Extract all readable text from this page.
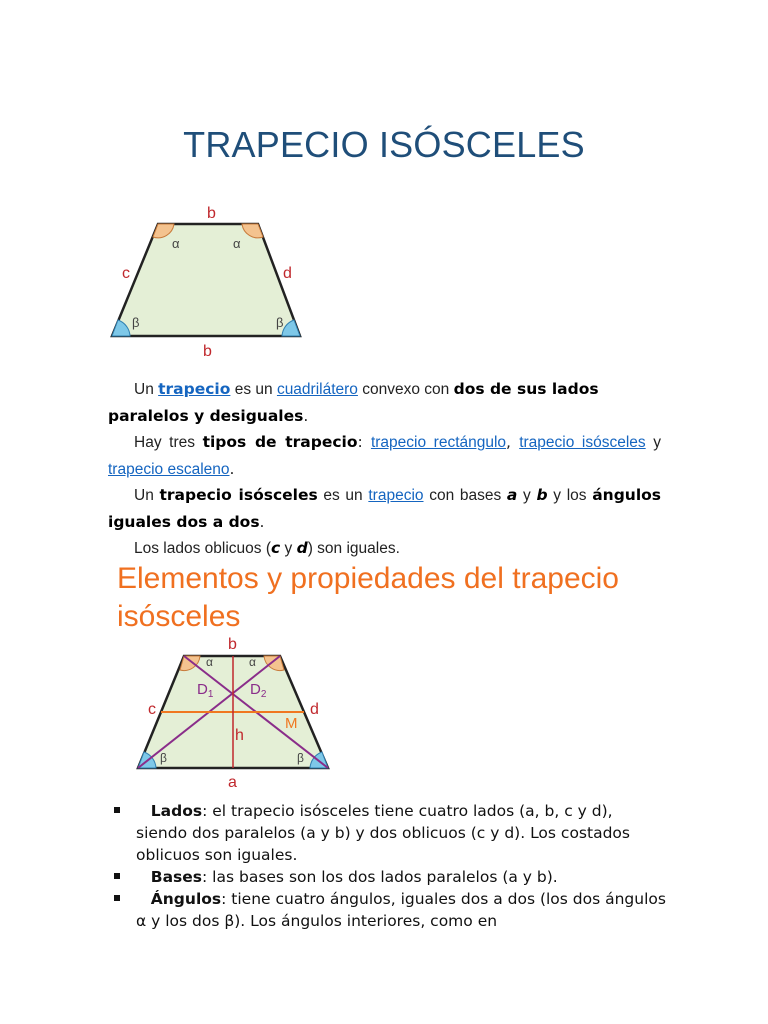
TRAPECIO ISÓSCELES
b
b
c	d
α	α
β	β
Un trapecio es un cuadrilátero convexo con dos de sus lados paralelos y desiguales.
Hay tres tipos de trapecio: trapecio rectángulo, trapecio isósceles y trapecio escaleno.
Un trapecio isósceles es un trapecio con bases a y b y los ángulos iguales dos a dos.
Los lados oblicuos (c y d) son iguales.
Elementos y propiedades del trapecio
isósceles
b
a
c	d
$D_1$ $D_2$
M
h
α	α
β	β
Lados: el trapecio isósceles tiene cuatro lados (a, b, c y d), siendo dos paralelos (a y b) y dos oblicuos (c y d). Los costados oblicuos son iguales.
Bases: las bases son los dos lados paralelos (a y b).
Ángulos: tiene cuatro ángulos, iguales dos a dos (los dos ángulos α y los dos β). Los ángulos interiores, como en
